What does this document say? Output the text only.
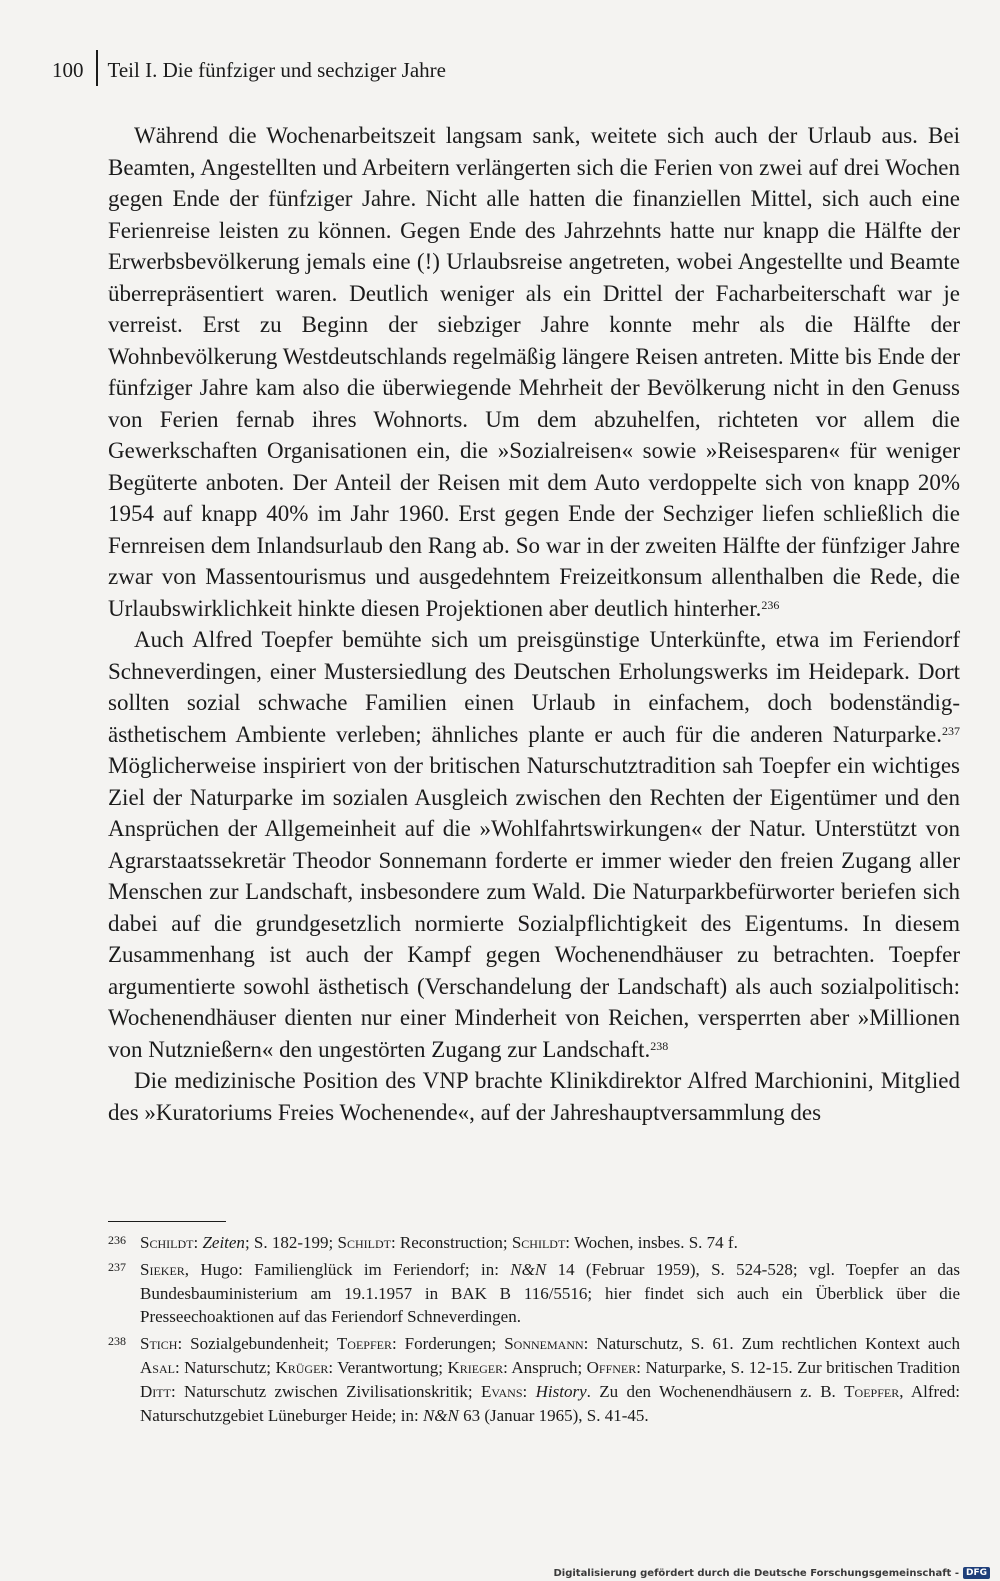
100 Teil I. Die fünfziger und sechziger Jahre

Während die Wochenarbeitszeit langsam sank, weitete sich auch der Urlaub aus. Bei Beamten, Angestellten und Arbeitern verlängerten sich die Ferien von zwei auf drei Wochen gegen Ende der fünfziger Jahre. Nicht alle hatten die finanziellen Mittel, sich auch eine Ferienreise leisten zu können. Gegen Ende des Jahrzehnts hatte nur knapp die Hälfte der Erwerbsbevölkerung jemals eine (!) Urlaubsreise angetreten, wobei Angestellte und Beamte überrepräsentiert waren. Deutlich weniger als ein Drittel der Facharbeiterschaft war je verreist. Erst zu Beginn der siebziger Jahre konnte mehr als die Hälfte der Wohnbevölkerung Westdeutschlands regelmäßig längere Reisen antreten. Mitte bis Ende der fünfziger Jahre kam also die überwiegende Mehrheit der Bevölkerung nicht in den Genuss von Ferien fernab ihres Wohnorts. Um dem abzuhelfen, richteten vor allem die Gewerkschaften Organisationen ein, die »Sozialreisen« sowie »Reisesparen« für weniger Begüterte anboten. Der Anteil der Reisen mit dem Auto verdoppelte sich von knapp 20% 1954 auf knapp 40% im Jahr 1960. Erst gegen Ende der Sechziger liefen schließlich die Fernreisen dem Inlandsurlaub den Rang ab. So war in der zweiten Hälfte der fünfziger Jahre zwar von Massentourismus und ausgedehntem Freizeitkonsum allenthalben die Rede, die Urlaubswirklichkeit hinkte diesen Projektionen aber deutlich hinterher.$^{236}$

Auch Alfred Toepfer bemühte sich um preisgünstige Unterkünfte, etwa im Feriendorf Schneverdingen, einer Mustersiedlung des Deutschen Erholungswerks im Heidepark. Dort sollten sozial schwache Familien einen Urlaub in einfachem, doch bodenständig-ästhetischem Ambiente verleben; ähnliches plante er auch für die anderen Naturparke.$^{237}$ Möglicherweise inspiriert von der britischen Naturschutztradition sah Toepfer ein wichtiges Ziel der Naturparke im sozialen Ausgleich zwischen den Rechten der Eigentümer und den Ansprüchen der Allgemeinheit auf die »Wohlfahrtswirkungen« der Natur. Unterstützt von Agrarstaatssekretär Theodor Sonnemann forderte er immer wieder den freien Zugang aller Menschen zur Landschaft, insbesondere zum Wald. Die Naturparkbefürworter beriefen sich dabei auf die grundgesetzlich normierte Sozialpflichtigkeit des Eigentums. In diesem Zusammenhang ist auch der Kampf gegen Wochenendhäuser zu betrachten. Toepfer argumentierte sowohl ästhetisch (Verschandelung der Landschaft) als auch sozialpolitisch: Wochenendhäuser dienten nur einer Minderheit von Reichen, versperrten aber »Millionen von Nutznießern« den ungestörten Zugang zur Landschaft.$^{238}$

Die medizinische Position des VNP brachte Klinikdirektor Alfred Marchionini, Mitglied des »Kuratoriums Freies Wochenende«, auf der Jahreshauptversammlung des

236 Schildt: Zeiten; S. 182-199; Schildt: Reconstruction; Schildt: Wochen, insbes. S. 74 f.
237 Sieker, Hugo: Familienglück im Feriendorf; in: N&N 14 (Februar 1959), S. 524-528; vgl. Toepfer an das Bundesbauministerium am 19.1.1957 in BAK B 116/5516; hier findet sich auch ein Überblick über die Presseechoaktionen auf das Feriendorf Schneverdingen.
238 Stich: Sozialgebundenheit; Toepfer: Forderungen; Sonnemann: Naturschutz, S. 61. Zum rechtlichen Kontext auch Asal: Naturschutz; Krüger: Verantwortung; Krieger: Anspruch; Offner: Naturparke, S. 12-15. Zur britischen Tradition Ditt: Naturschutz zwischen Zivilisationskritik; Evans: History. Zu den Wochenendhäusern z. B. Toepfer, Alfred: Naturschutzgebiet Lüneburger Heide; in: N&N 63 (Januar 1965), S. 41-45.
Digitalisierung gefördert durch die Deutsche Forschungsgemeinschaft - DFG
